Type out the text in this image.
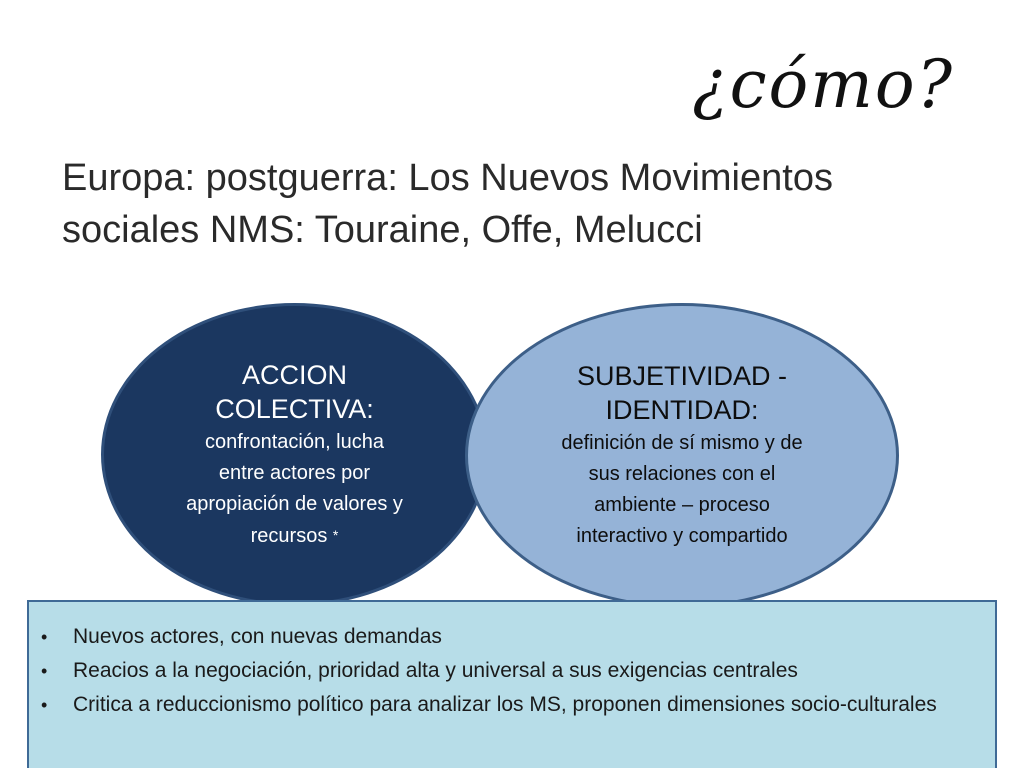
¿cómo?
Europa: postguerra: Los Nuevos Movimientos
sociales NMS: Touraine, Offe, Melucci
ACCION
COLECTIVA:
confrontación, lucha
entre actores por
apropiación de valores y
recursos *
SUBJETIVIDAD -
IDENTIDAD:
definición de sí mismo y de
sus relaciones con el
ambiente – proceso
interactivo y compartido
• Nuevos actores, con nuevas demandas
• Reacios a la negociación, prioridad alta y universal a sus exigencias centrales
• Critica a reduccionismo político para analizar los MS, proponen dimensiones socio-culturales
